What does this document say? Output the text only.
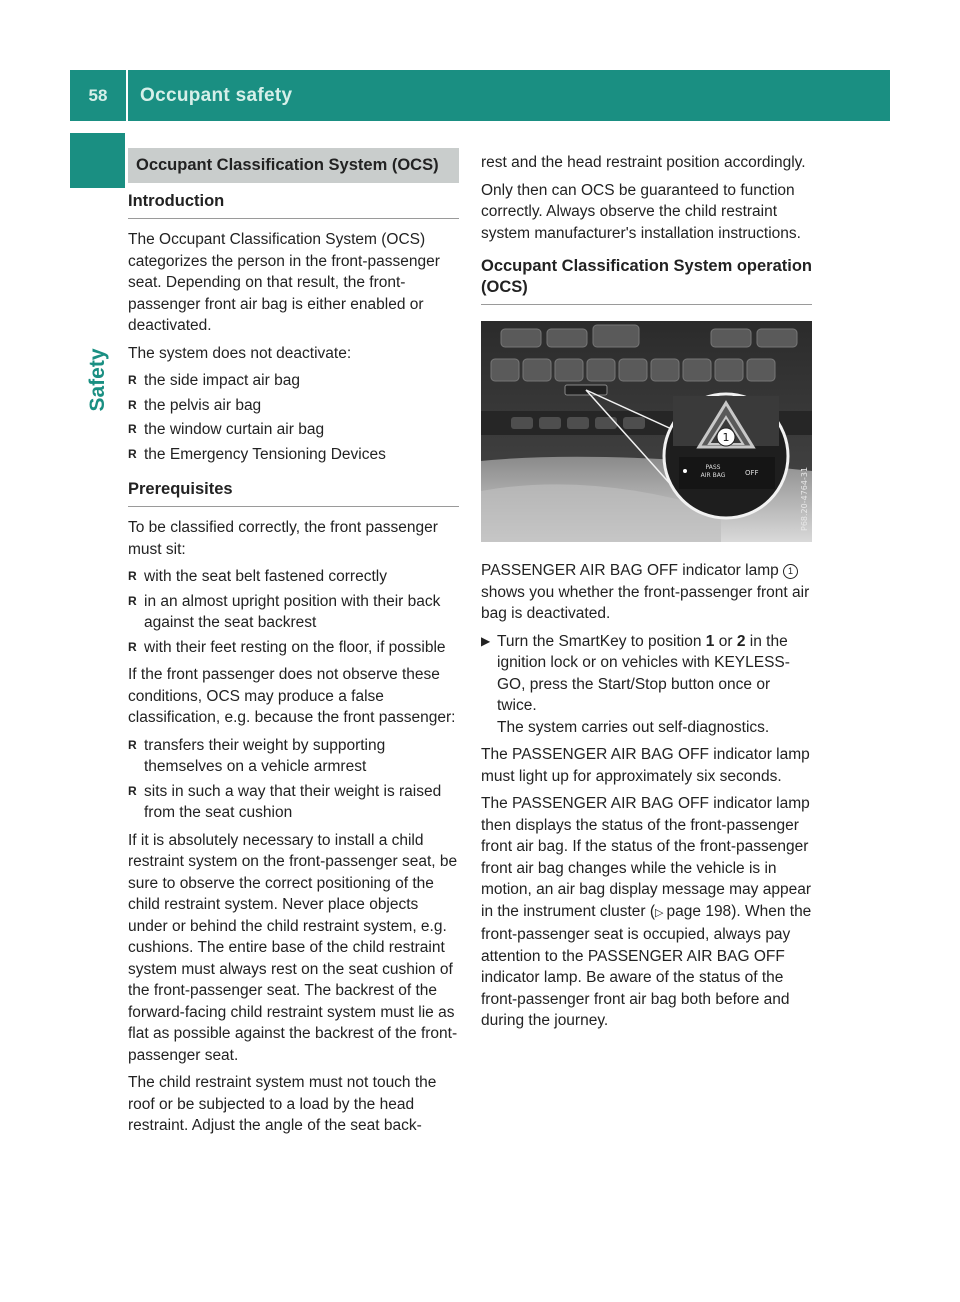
58	Occupant safety
Safety
Occupant Classification System (OCS)
Introduction

The Occupant Classification System (OCS) categorizes the person in the front-passenger seat. Depending on that result, the front-passenger front air bag is either enabled or deactivated.

The system does not deactivate:

R the side impact air bag
R the pelvis air bag
R the window curtain air bag
R the Emergency Tensioning Devices
Prerequisites

To be classified correctly, the front passenger must sit:

R with the seat belt fastened correctly
R in an almost upright position with their back against the seat backrest
R with their feet resting on the floor, if possible

If the front passenger does not observe these conditions, OCS may produce a false classification, e.g. because the front passenger:

R transfers their weight by supporting themselves on a vehicle armrest
R sits in such a way that their weight is raised from the seat cushion

If it is absolutely necessary to install a child restraint system on the front-passenger seat, be sure to observe the correct positioning of the child restraint system. Never place objects under or behind the child restraint system, e.g. cushions. The entire base of the child restraint system must always rest on the seat cushion of the front-passenger seat. The backrest of the forward-facing child restraint system must lie as flat as possible against the backrest of the front-passenger seat.

The child restraint system must not touch the roof or be subjected to a load by the head restraint. Adjust the angle of the seat back-

rest and the head restraint position accordingly.

Only then can OCS be guaranteed to function correctly. Always observe the child restraint system manufacturer's installation instructions.

Occupant Classification System operation (OCS)
1
PASS
AIR BAG	OFF	P68.20-4764-31

PASSENGER AIR BAG OFF indicator lamp 1 shows you whether the front-passenger front air bag is deactivated.

▶ Turn the SmartKey to position 1 or 2 in the ignition lock or on vehicles with KEYLESS-GO, press the Start/Stop button once or twice.
The system carries out self-diagnostics.

The PASSENGER AIR BAG OFF indicator lamp must light up for approximately six seconds.

The PASSENGER AIR BAG OFF indicator lamp then displays the status of the front-passenger front air bag. If the status of the front-passenger front air bag changes while the vehicle is in motion, an air bag display message may appear in the instrument cluster (▷ page 198). When the front-passenger seat is occupied, always pay attention to the PASSENGER AIR BAG OFF indicator lamp. Be aware of the status of the front-passenger front air bag both before and during the journey.
